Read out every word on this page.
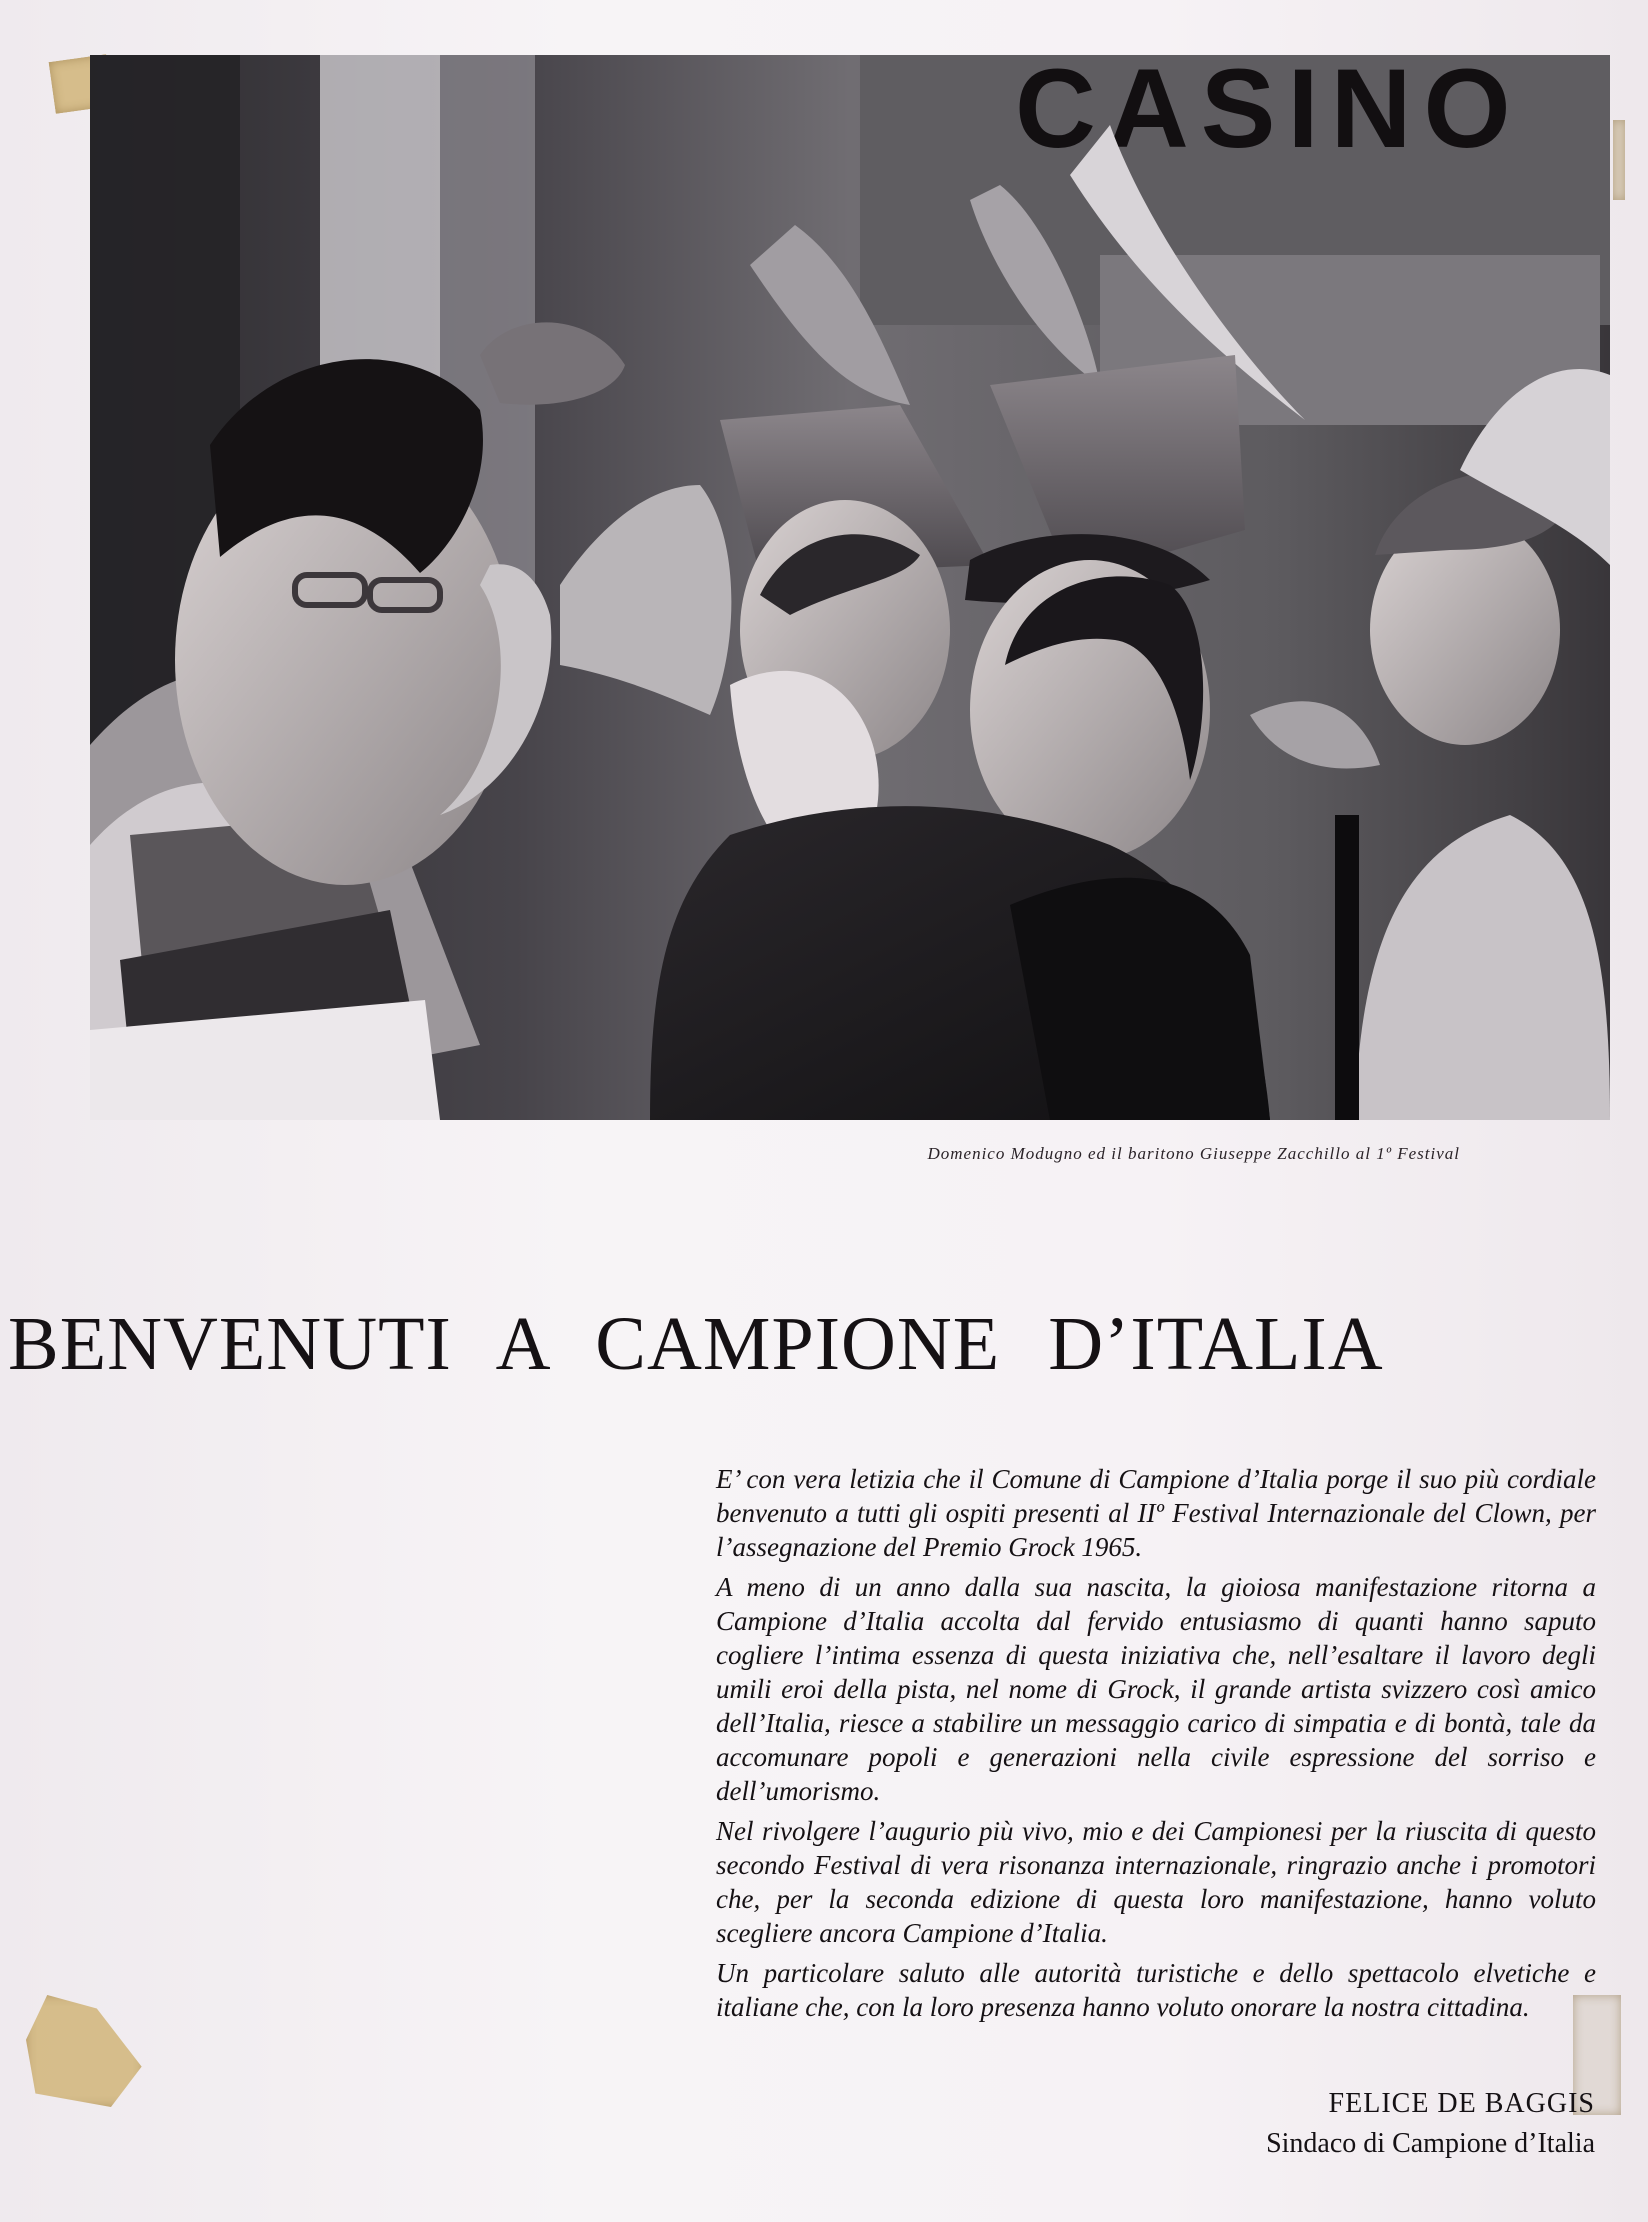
CASINO
Domenico Modugno ed il baritono Giuseppe Zacchillo al 1º Festival
BENVENUTI A CAMPIONE D’ITALIA

E’ con vera letizia che il Comune di Campione d’Italia porge il suo più cordiale benvenuto a tutti gli ospiti presenti al IIº Festival Internazionale del Clown, per l’assegnazione del Premio Grock 1965.

A meno di un anno dalla sua nascita, la gioiosa manifestazione ritorna a Campione d’Italia accolta dal fervido entusiasmo di quanti hanno saputo cogliere l’intima essenza di questa iniziativa che, nell’esaltare il lavoro degli umili eroi della pista, nel nome di Grock, il grande artista svizzero così amico dell’Italia, riesce a stabilire un messaggio carico di simpatia e di bontà, tale da accomunare popoli e generazioni nella civile espressione del sorriso e dell’umorismo.

Nel rivolgere l’augurio più vivo, mio e dei Campionesi per la riuscita di questo secondo Festival di vera risonanza internazionale, ringrazio anche i promotori che, per la seconda edizione di questa loro manifestazione, hanno voluto scegliere ancora Campione d’Italia.

Un particolare saluto alle autorità turistiche e dello spettacolo elvetiche e italiane che, con la loro presenza hanno voluto onorare la nostra cittadina.

FELICE DE BAGGIS
Sindaco di Campione d’Italia
